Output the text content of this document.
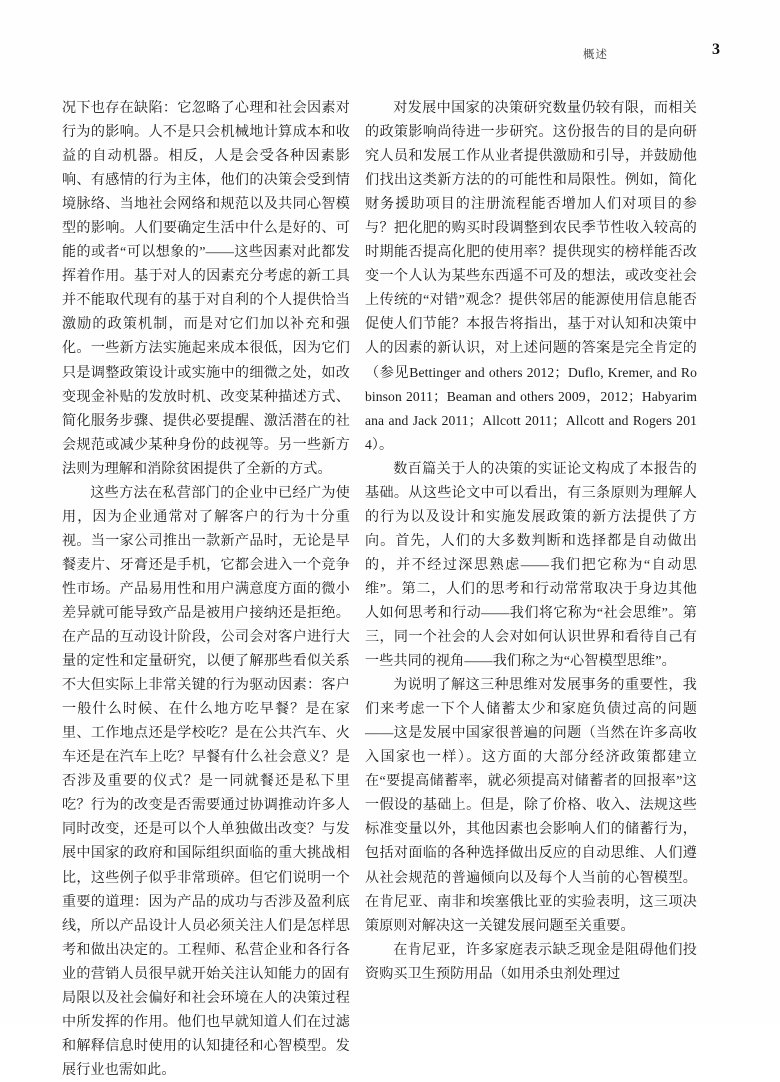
概述	3

况下也存在缺陷：它忽略了心理和社会因素对行为的影响。人不是只会机械地计算成本和收益的自动机器。相反，人是会受各种因素影响、有感情的行为主体，他们的决策会受到情境脉络、当地社会网络和规范以及共同心智模型的影响。人们要确定生活中什么是好的、可能的或者“可以想象的”——这些因素对此都发挥着作用。基于对人的因素充分考虑的新工具并不能取代现有的基于对自利的个人提供恰当激励的政策机制，而是对它们加以补充和强化。一些新方法实施起来成本很低，因为它们只是调整政策设计或实施中的细微之处，如改变现金补贴的发放时机、改变某种描述方式、简化服务步骤、提供必要提醒、激活潜在的社会规范或减少某种身份的歧视等。另一些新方法则为理解和消除贫困提供了全新的方式。

这些方法在私营部门的企业中已经广为使用，因为企业通常对了解客户的行为十分重视。当一家公司推出一款新产品时，无论是早餐麦片、牙膏还是手机，它都会进入一个竞争性市场。产品易用性和用户满意度方面的微小差异就可能导致产品是被用户接纳还是拒绝。在产品的互动设计阶段，公司会对客户进行大量的定性和定量研究，以便了解那些看似关系不大但实际上非常关键的行为驱动因素：客户一般什么时候、在什么地方吃早餐？是在家里、工作地点还是学校吃？是在公共汽车、火车还是在汽车上吃？早餐有什么社会意义？是否涉及重要的仪式？是一同就餐还是私下里吃？行为的改变是否需要通过协调推动许多人同时改变，还是可以个人单独做出改变？与发展中国家的政府和国际组织面临的重大挑战相比，这些例子似乎非常琐碎。但它们说明一个重要的道理：因为产品的成功与否涉及盈利底线，所以产品设计人员必须关注人们是怎样思考和做出决定的。工程师、私营企业和各行各业的营销人员很早就开始关注认知能力的固有局限以及社会偏好和社会环境在人的决策过程中所发挥的作用。他们也早就知道人们在过滤和解释信息时使用的认知捷径和心智模型。发展行业也需如此。

对发展中国家的决策研究数量仍较有限，而相关的政策影响尚待进一步研究。这份报告的目的是向研究人员和发展工作从业者提供激励和引导，并鼓励他们找出这类新方法的的可能性和局限性。例如，简化财务援助项目的注册流程能否增加人们对项目的参与？把化肥的购买时段调整到农民季节性收入较高的时期能否提高化肥的使用率？提供现实的榜样能否改变一个人认为某些东西遥不可及的想法，或改变社会上传统的“对错”观念？提供邻居的能源使用信息能否促使人们节能？本报告将指出，基于对认知和决策中人的因素的新认识，对上述问题的答案是完全肯定的（参见Bettinger and others 2012；Duflo, Kremer, and Robinson 2011；Beaman and others 2009，2012；Habyarimana and Jack 2011；Allcott 2011；Allcott and Rogers 2014）。

数百篇关于人的决策的实证论文构成了本报告的基础。从这些论文中可以看出，有三条原则为理解人的行为以及设计和实施发展政策的新方法提供了方向。首先，人们的大多数判断和选择都是自动做出的，并不经过深思熟虑——我们把它称为“自动思维”。第二，人们的思考和行动常常取决于身边其他人如何思考和行动——我们将它称为“社会思维”。第三，同一个社会的人会对如何认识世界和看待自己有一些共同的视角——我们称之为“心智模型思维”。

为说明了解这三种思维对发展事务的重要性，我们来考虑一下个人储蓄太少和家庭负债过高的问题——这是发展中国家很普遍的问题（当然在许多高收入国家也一样）。这方面的大部分经济政策都建立在“要提高储蓄率，就必须提高对储蓄者的回报率”这一假设的基础上。但是，除了价格、收入、法规这些标准变量以外，其他因素也会影响人们的储蓄行为，包括对面临的各种选择做出反应的自动思维、人们遵从社会规范的普遍倾向以及每个人当前的心智模型。在肯尼亚、南非和埃塞俄比亚的实验表明，这三项决策原则对解决这一关键发展问题至关重要。

在肯尼亚，许多家庭表示缺乏现金是阻碍他们投资购买卫生预防用品（如用杀虫剂处理过
